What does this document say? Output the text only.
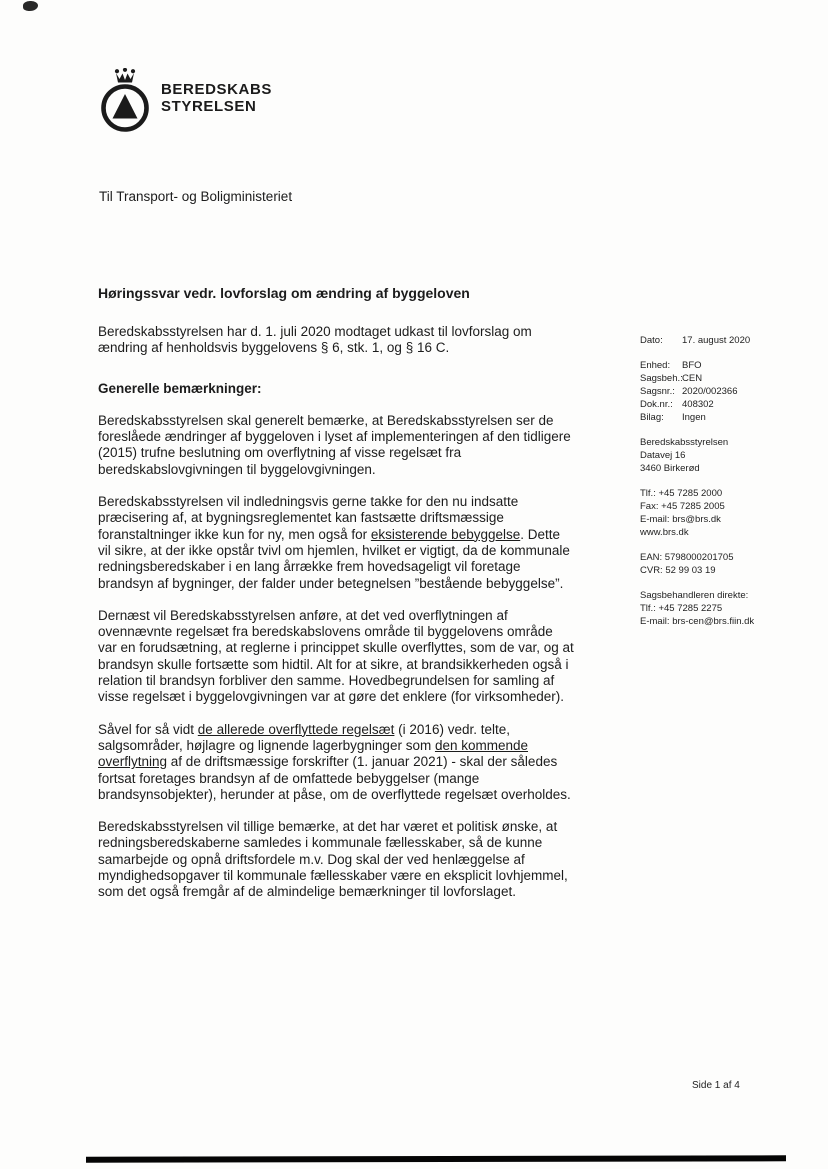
BEREDSKABS
STYRELSEN
Til Transport- og Boligministeriet
Høringssvar vedr. lovforslag om ændring af byggeloven

Beredskabsstyrelsen har d. 1. juli 2020 modtaget udkast til lovforslag om ændring af henholdsvis byggelovens § 6, stk. 1, og § 16 C.

Generelle bemærkninger:

Beredskabsstyrelsen skal generelt bemærke, at Beredskabsstyrelsen ser de foreslåede ændringer af byggeloven i lyset af implementeringen af den tidligere (2015) trufne beslutning om overflytning af visse regelsæt fra beredskabslovgivningen til byggelovgivningen.

Beredskabsstyrelsen vil indledningsvis gerne takke for den nu indsatte præcisering af, at bygningsreglementet kan fastsætte driftsmæssige foranstaltninger ikke kun for ny, men også for eksisterende bebyggelse. Dette vil sikre, at der ikke opstår tvivl om hjemlen, hvilket er vigtigt, da de kommunale redningsberedskaber i en lang årrække frem hovedsageligt vil foretage brandsyn af bygninger, der falder under betegnelsen ”bestående bebyggelse”.

Dernæst vil Beredskabsstyrelsen anføre, at det ved overflytningen af ovennævnte regelsæt fra beredskabslovens område til byggelovens område var en forudsætning, at reglerne i princippet skulle overflyttes, som de var, og at brandsyn skulle fortsætte som hidtil. Alt for at sikre, at brandsikkerheden også i relation til brandsyn forbliver den samme. Hovedbegrundelsen for samling af visse regelsæt i byggelovgivningen var at gøre det enklere (for virksomheder).

Såvel for så vidt de allerede overflyttede regelsæt (i 2016) vedr. telte, salgsområder, højlagre og lignende lagerbygninger som den kommende overflytning af de driftsmæssige forskrifter (1. januar 2021) - skal der således fortsat foretages brandsyn af de omfattede bebyggelser (mange brandsynsobjekter), herunder at påse, om de overflyttede regelsæt overholdes.

Beredskabsstyrelsen vil tillige bemærke, at det har været et politisk ønske, at redningsberedskaberne samledes i kommunale fællesskaber, så de kunne samarbejde og opnå driftsfordele m.v. Dog skal der ved henlæggelse af myndighedsopgaver til kommunale fællesskaber være en eksplicit lovhjemmel, som det også fremgår af de almindelige bemærkninger til lovforslaget.

Dato:	17. august 2020
Enhed:	BFO
Sagsbeh.: CEN
Sagsnr.: 2020/002366
Dok.nr.: 408302
Bilag:	Ingen
Beredskabsstyrelsen
Datavej 16
3460 Birkerød
Tlf.: +45 7285 2000
Fax: +45 7285 2005
E-mail: brs@brs.dk
www.brs.dk
EAN: 5798000201705
CVR: 52 99 03 19
Sagsbehandleren direkte:
Tlf.: +45 7285 2275
E-mail: brs-cen@brs.fiin.dk
Side 1 af 4
